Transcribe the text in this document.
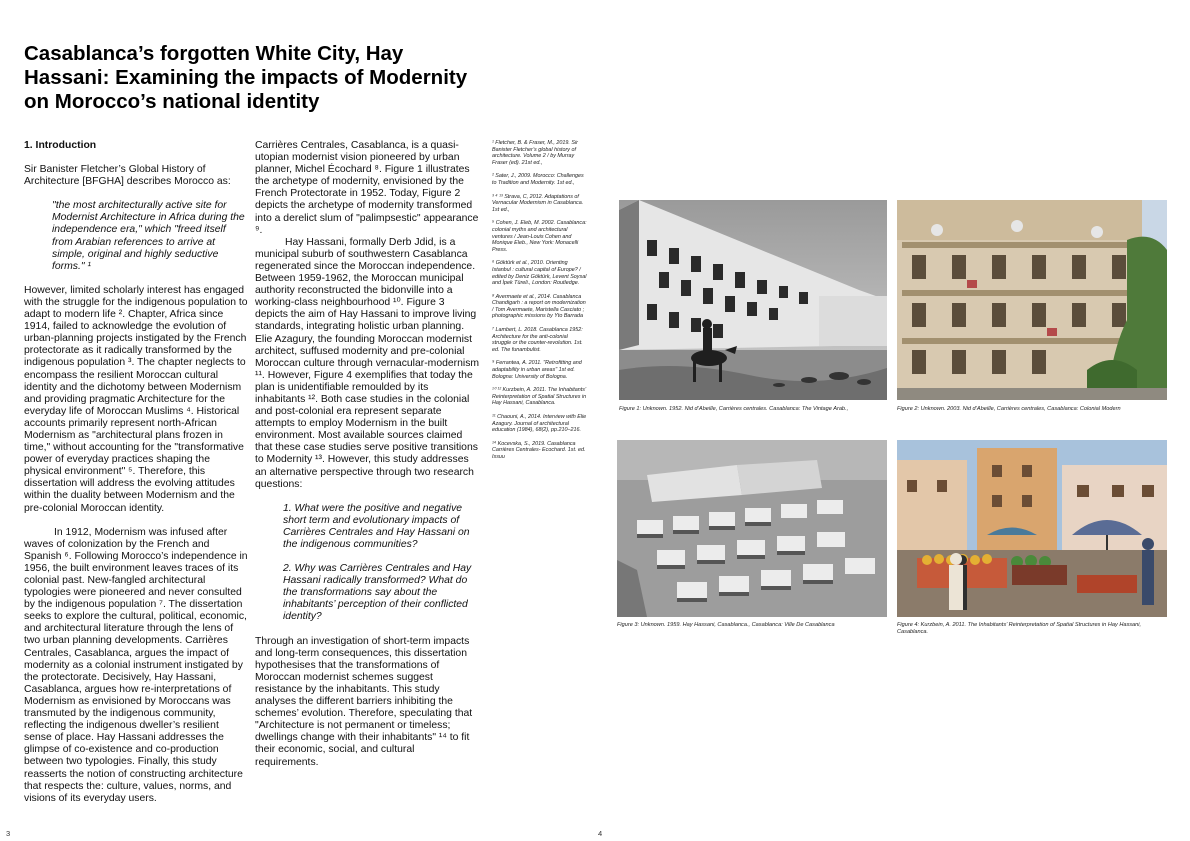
Casablanca’s forgotten White City, Hay Hassani: Examining the impacts of Modernity on Morocco’s national identity

1. Introduction

Sir Banister Fletcher’s Global History of Architecture [BFGHA] describes Morocco as:

"the most architecturally active site for Modernist Architecture in Africa during the independence era," which "freed itself from Arabian references to arrive at simple, original and highly seductive forms." ¹

However, limited scholarly interest has engaged with the struggle for the indigenous population to adapt to modern life ². Chapter, Africa since 1914, failed to acknowledge the evolution of urban-planning projects instigated by the French protectorate as it radically transformed by the indigenous population ³. The chapter neglects to encompass the resilient Moroccan cultural identity and the dichotomy between Modernism and providing pragmatic Architecture for the everyday life of Moroccan Muslims ⁴. Historical accounts primarily represent north-African Modernism as "architectural plans frozen in time," without accounting for the "transformative power of everyday practices shaping the physical environment" ⁵. Therefore, this dissertation will address the evolving attitudes within the duality between Modernism and the pre-colonial Moroccan identity.

In 1912, Modernism was infused after waves of colonization by the French and Spanish ⁶. Following Morocco’s independence in 1956, the built environment leaves traces of its colonial past. New-fangled architectural typologies were pioneered and never consulted by the indigenous population ⁷. The dissertation seeks to explore the cultural, political, economic, and architectural literature through the lens of two urban planning developments. Carrières Centrales, Casablanca, argues the impact of modernity as a colonial instrument instigated by the protectorate. Decisively, Hay Hassani, Casablanca, argues how re-interpretations of Modernism as envisioned by Moroccans was transmuted by the indigenous community, reflecting the indigenous dweller’s resilient sense of place. Hay Hassani addresses the glimpse of co-existence and co-production between two typologies. Finally, this study reasserts the notion of constructing architecture that respects the: culture, values, norms, and visions of its everyday users.

Carrières Centrales, Casablanca, is a quasi-utopian modernist vision pioneered by urban planner, Michel Écochard ⁸. Figure 1 illustrates the archetype of modernity, envisioned by the French Protectorate in 1952. Today, Figure 2 depicts the archetype of modernity transformed into a derelict slum of "palimpsestic" appearance ⁹.

Hay Hassani, formally Derb Jdid, is a municipal suburb of southwestern Casablanca regenerated since the Moroccan independence. Between 1959-1962, the Moroccan municipal authority reconstructed the bidonville into a working-class neighbourhood ¹⁰. Figure 3 depicts the aim of Hay Hassani to improve living standards, integrating holistic urban planning. Elie Azagury, the founding Moroccan modernist architect, suffused modernity and pre-colonial Moroccan culture through vernacular-modernism ¹¹. However, Figure 4 exemplifies that today the plan is unidentifiable remoulded by its inhabitants ¹². Both case studies in the colonial and post-colonial era represent separate attempts to employ Modernism in the built environment. Most available sources claimed that these case studies serve positive transitions to Modernity ¹³. However, this study addresses an alternative perspective through two research questions:

1. What were the positive and negative short term and evolutionary impacts of Carrières Centrales and Hay Hassani on the indigenous communities?

2. Why was Carrières Centrales and Hay Hassani radically transformed? What do the transformations say about the inhabitants’ perception of their conflicted identity?

Through an investigation of short-term impacts and long-term consequences, this dissertation hypothesises that the transformations of Moroccan modernist schemes suggest resistance by the inhabitants. This study analyses the different barriers inhibiting the schemes’ evolution. Therefore, speculating that "Architecture is not permanent or timeless; dwellings change with their inhabitants" ¹⁴ to fit their economic, social, and cultural requirements.

¹ Fletcher, B. & Fraser, M., 2019. Sir Banister Fletcher’s global history of architecture. Volume 2 / by Murray Fraser (ed). 21st ed.,

² Sater, J., 2009. Morocco: Challenges to Tradition and Modernity. 1st ed.,

³ ⁴ ¹³ Strava, C, 2012. Adaptations of Vernacular Modernism in Casablanca. 1st ed.,

⁵ Cohen, J. Eleb, M. 2002. Casablanca: colonial myths and architectural ventures / Jean-Louis Cohen and Monique Eleb., New York: Monacelli Press.

⁶ Göktürk et al., 2010. Orienting Istanbul : cultural capital of Europe? / edited by Deniz Göktürk, Levent Soysal and İpek Türeli., London: Routledge.

⁸ Avermaete et al., 2014. Casablanca Chandigarh : a report on modernization / Tom Avermaete, Maristella Casciato ; photographic missions by Yto Barrada

⁷ Lambert, L. 2018. Casablanca 1952: Architecture for the anti-colonial struggle or the counter-revolution. 1st. ed. The funambulist.

⁹ Ferrantea, A. 2011. "Retrofitting and adaptability in urban areas" 1st ed. Bologna: University of Bologna.

¹⁰ ¹² Kurzbein, A. 2011. The Inhabitants’ Reinterpretation of Spatial Structures in Hay Hassani, Casablanca.

¹¹ Chaouni, A., 2014. Interview with Elie Azagury. Journal of architectural education (1984), 68(2), pp.210–216.

¹⁴ Kocevska, S., 2019. Casablanca Carrières Centrales- Ecochard. 1st. ed. Issuu

Figure 1: Unknown. 1952. Nid d’Abeille, Carrières centrales. Casablanca: The Vintage Arab.,	Figure 2: Unknown. 2003. Nid d’Abeille, Carrières centrales, Casablanca: Colonial Modern

Figure 3: Unknown. 1959. Hay Hassani, Casablanca., Casablanca: Ville De Casablanca	Figure 4: Kurzbein, A. 2011. The Inhabitants’ Reinterpretation of Spatial Structures in Hay Hassani, Casablanca.

3	4
